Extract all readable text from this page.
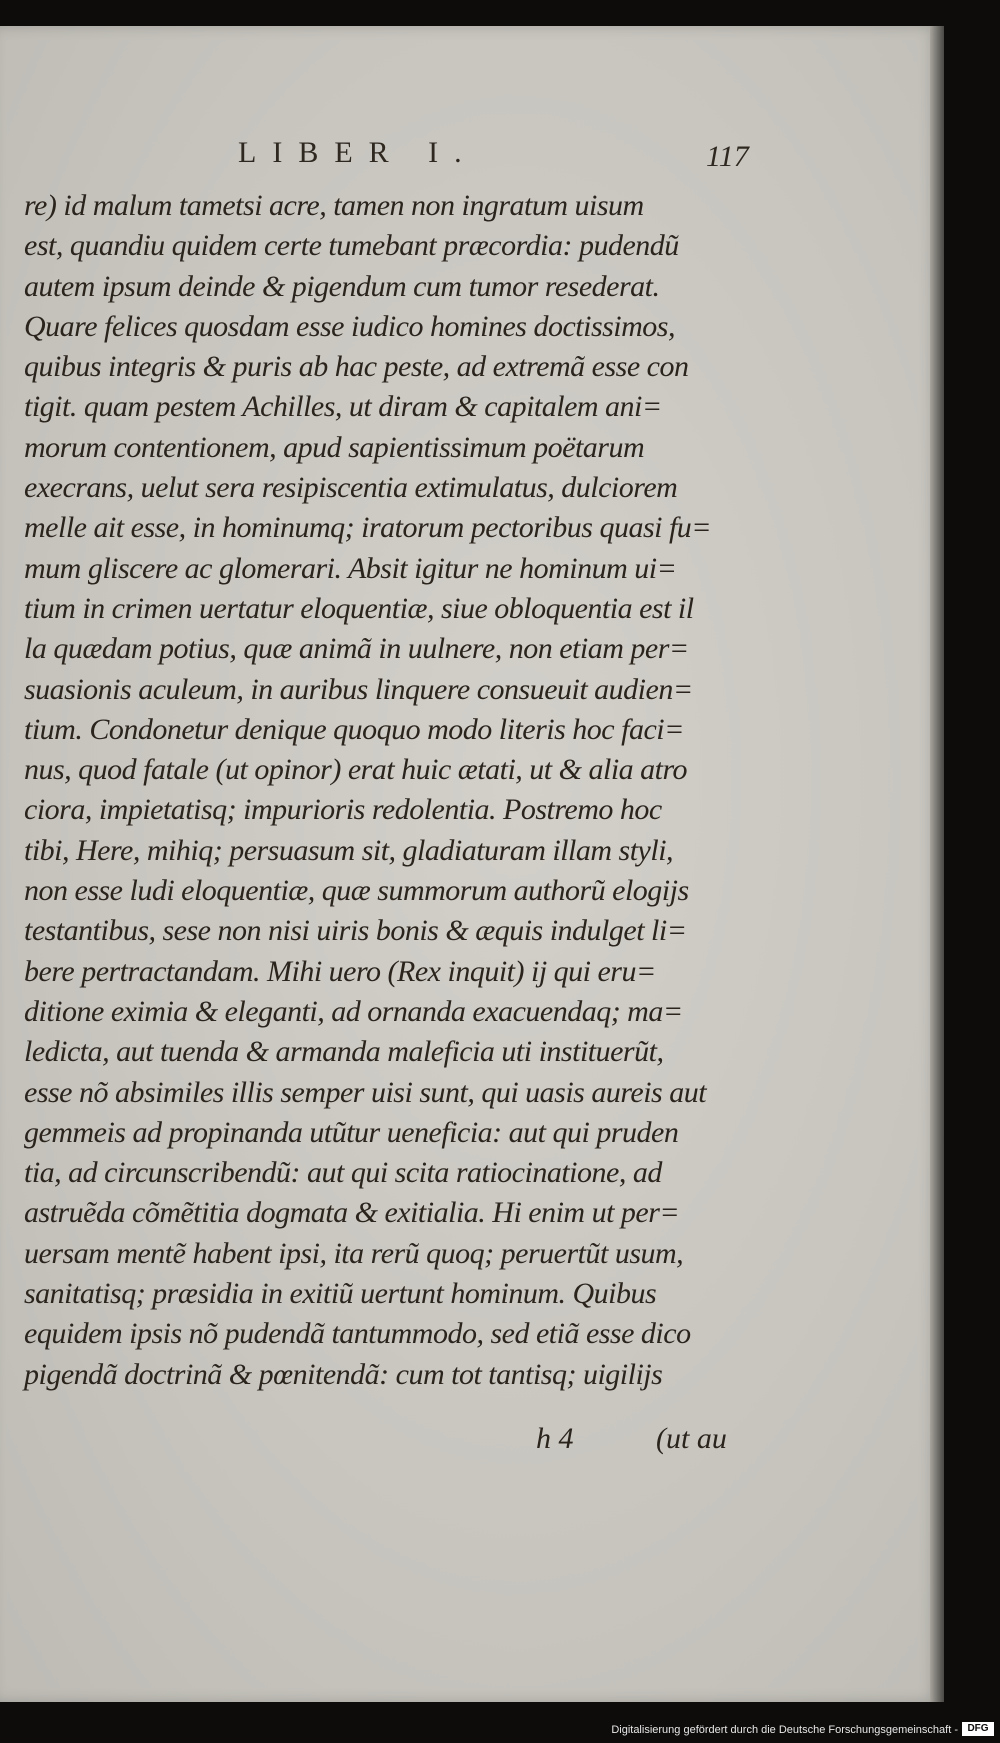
LIBER I.	117
re) id malum tametsi acre, tamen non ingratum uisum
est, quandiu quidem certe tumebant præcordia: pudendũ
autem ipsum deinde & pigendum cum tumor resederat.
Quare felices quosdam esse iudico homines doctissimos,
quibus integris & puris ab hac peste, ad extremã esse con
tigit. quam pestem Achilles, ut diram & capitalem ani=
morum contentionem, apud sapientissimum poëtarum
execrans, uelut sera resipiscentia extimulatus, dulciorem
melle ait esse, in hominumq; iratorum pectoribus quasi fu=
mum gliscere ac glomerari. Absit igitur ne hominum ui=
tium in crimen uertatur eloquentiæ, siue obloquentia est il
la quædam potius, quæ animã in uulnere, non etiam per=
suasionis aculeum, in auribus linquere consueuit audien=
tium. Condonetur denique quoquo modo literis hoc faci=
nus, quod fatale (ut opinor) erat huic ætati, ut & alia atro
ciora, impietatisq; impurioris redolentia. Postremo hoc
tibi, Here, mihiq; persuasum sit, gladiaturam illam styli,
non esse ludi eloquentiæ, quæ summorum authorũ elogijs
testantibus, sese non nisi uiris bonis & æquis indulget li=
bere pertractandam. Mihi uero (Rex inquit) ij qui eru=
ditione eximia & eleganti, ad ornanda exacuendaq; ma=
ledicta, aut tuenda & armanda maleficia uti instituerũt,
esse nõ absimiles illis semper uisi sunt, qui uasis aureis aut
gemmeis ad propinanda utũtur ueneficia: aut qui pruden
tia, ad circunscribendũ: aut qui scita ratiocinatione, ad
astruẽda cõmẽtitia dogmata & exitialia. Hi enim ut per=
uersam mentẽ habent ipsi, ita rerũ quoq; peruertũt usum,
sanitatisq; præsidia in exitiũ uertunt hominum. Quibus
equidem ipsis nõ pudendã tantummodo, sed etiã esse dico
pigendã doctrinã & pœnitendã: cum tot tantisq; uigilijs
h 4	(ut au
Digitalisierung gefördert durch die Deutsche Forschungsgemeinschaft - DFG
